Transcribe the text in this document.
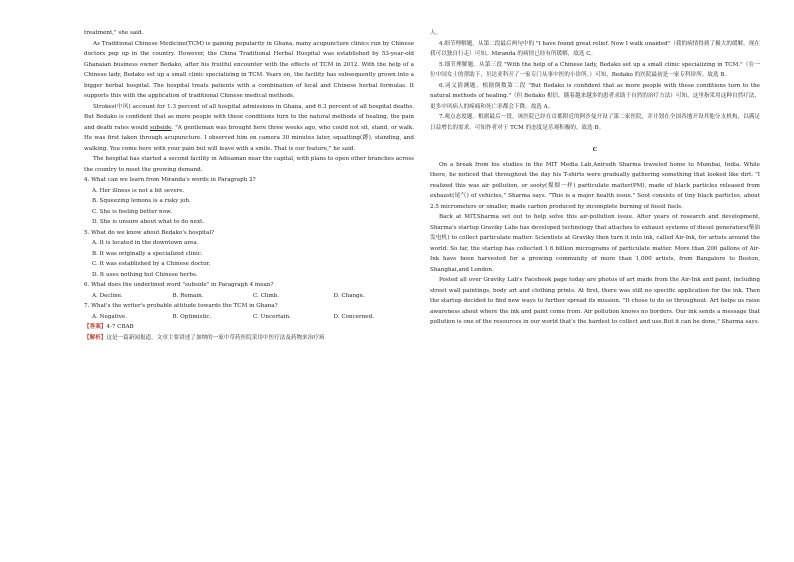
treatment," she said.

As Traditional Chinese Medicine(TCM) is gaining popularity in Ghana, many acupuncture clinics run by Chinese doctors pop up in the country. However, the China Traditional Herbal Hospital was established by 53-year-old Ghanaian business owner Bedako, after his fruitful encounter with the effects of TCM in 2012. With the help of a Chinese lady, Bedako set up a small clinic specializing in TCM. Years on, the facility has subsequently grown into a bigger herbal hospital. The hospital treats patients with a combination of local and Chinese herbal formulas. It supports this with the application of traditional Chinese medical methods.

Strokes(中风) account for 1.3 percent of all hospital admissions in Ghana, and 6.3 percent of all hospital deaths. But Bedako is confident that as more people with these conditions turn to the natural methods of healing, the pain and death rates would subside. "A gentleman was brought here three weeks ago, who could not sit, stand, or walk. He was first taken through acupuncture. I observed him on camera 30 minutes later, squatting(蹲), standing, and walking. You come here with your pain but will leave with a smile. That is our feature," he said.

The hospital has started a second facility in Adisaman near the capital, with plans to open other branches across the country to meet the growing demand.

4. What can we learn from Miranda's words in Paragraph 2?

A. Her illness is not a bit severe.

B. Squeezing lemons is a risky job.

C. She is feeling better now.

D. She is unsure about what to do next.

5. What do we know about Bedako's hospital?

A. It is located in the downtown area.

B. It was originally a specialized clinic.

C. It was established by a Chinese doctor.

D. It uses nothing but Chinese herbs.

6. What does the underlined word "subside" in Paragraph 4 mean?

A. Decline.	B. Remain.	C. Climb.	D. Change.

7. What's the writer's probable attitude towards the TCM in Ghana?

A. Negative.	B. Optimistic.	C. Uncertain.	D. Concerned.

【答案】4-7 CBAB

【解析】这是一篇新闻报道。文章主要讲述了加纳的一家中草药医院采用中医疗法及药物来治疗病

人。

4.细节理解题。从第二段最后两句中的 "I have found great relief. Now I walk unaided"（我的病情得到了极大的缓解。现在我可以独自行走）可知，Miranda 的病情已经有所缓解，故选 C。

5.细节理解题。从第三段 "With the help of a Chinese lady, Bedako set up a small clinic specializing in TCM."（在一位中国女士的帮助下，贝达亚科开了一家专门从事中医的小诊所。）可知，Bedako 的医院最初是一家专科诊所。故选 B。

6.词义猜测题。根据倒数第二段 "But Bedako is confident that as more people with these conditions turn to the natural methods of healing."（但 Bedako 相信，随着越来越多的患者求助于自然的治疗方法）可知，这里指采用这种自然疗法，更多中风病人的疼痛和死亡率都会下降。故选 A。

7.观点态度题。根据最后一段，该医院已经在首都附近的阿沙曼开设了第二家医院，并计划在全国各地开设其他分支机构，以满足日益增长的需求。可知作者对于 TCM 的态度是乐观积极的，故选 B。

C

On a break from his studies in the MIT Media Lab,Anirudh Sharma traveled home to Mumbai, India. While there, he noticed that throughout the day his T-shirts were gradually gathering something that looked like dirt. "I realized this was air pollution, or sooty(煤烟一样) particulate matter(PM), made of black particles released from exhaust(尾气) of vehicles," Sharma says. "This is a major health issue." Soot consists of tiny black particles, about 2.5 micrometers or smaller, made carbon produced by incomplete burning of fossil fuels.

Back at MIT,Sharma set out to help solve this air-pollution issue. After years of research and development, Sharma's startup Graviky Labs has developed technology that attaches to exhaust systems of diesel generators(柴油发电机) to collect particulate matter. Scientists at Graviky then turn it into ink, called Air-Ink, for artists around the world. So far, the startup has collected 1.6 billion micrograms of particulate matter. More than 200 gallons of Air-Ink have been harvested for a growing community of more than 1,000 artists, from Bangalore to Boston, Shanghai,and London.

Posted all over Graviky Lab's Facebook page today are photos of art made from the Air-Ink and paint, including street wall paintings, body art and clothing prints. At first, there was still no specific application for the ink. Then the startup decided to find new ways to further spread its mission. "It chose to do so throughout. Art helps us raise awareness about where the ink and paint come from. Air pollution knows no borders. Our ink sends a message that pollution is one of the resources in our world that's the hardest to collect and use.But it can be done," Sharma says.
